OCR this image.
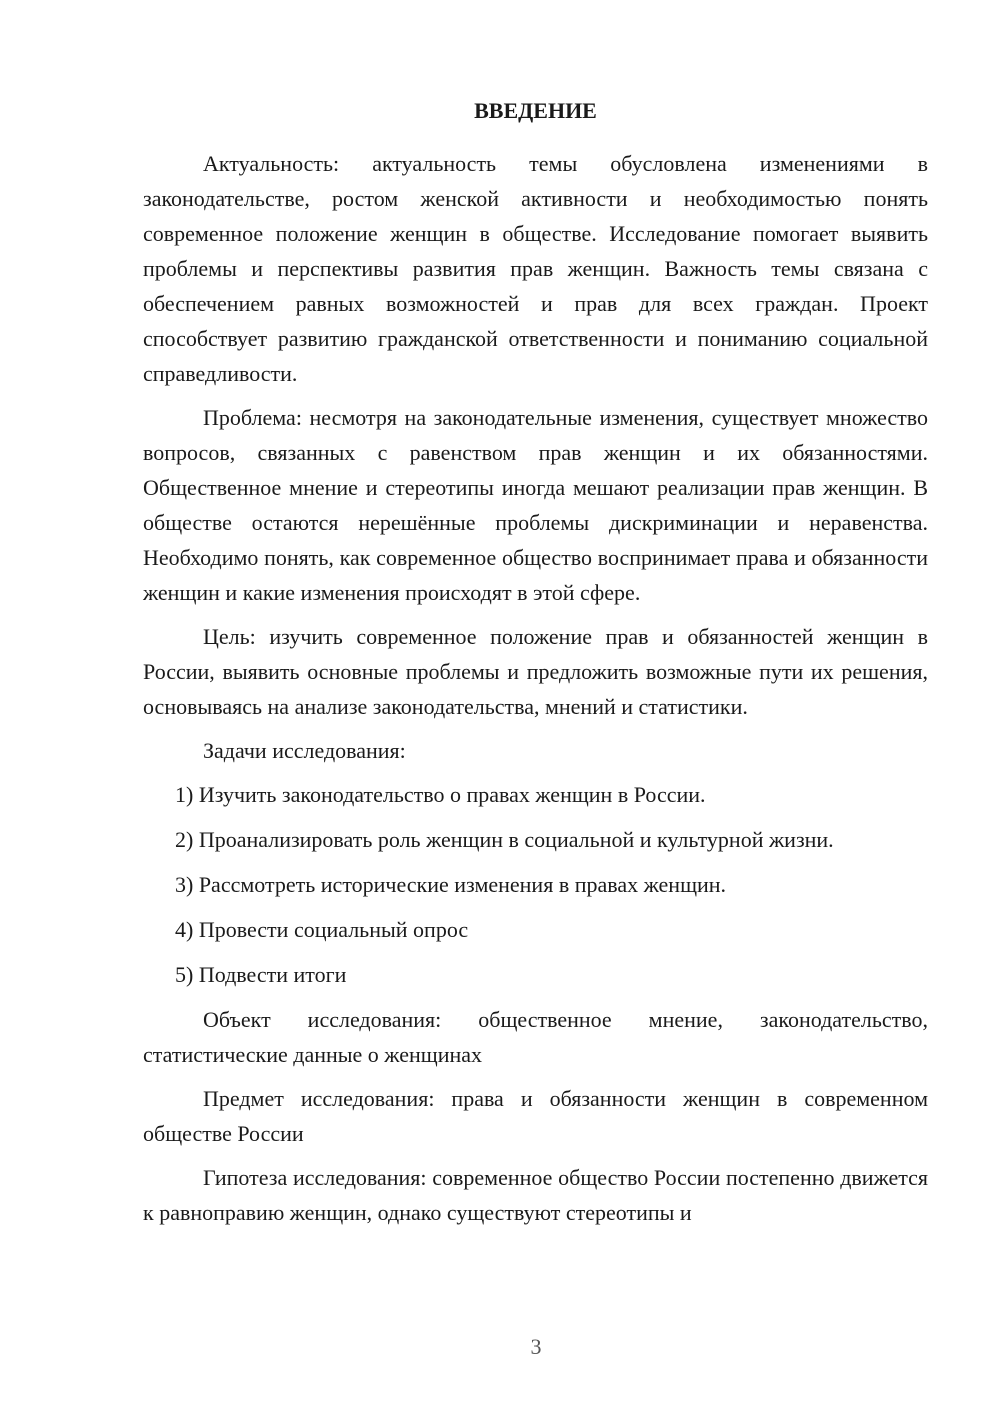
ВВЕДЕНИЕ

Актуальность: актуальность темы обусловлена изменениями в законодательстве, ростом женской активности и необходимостью понять современное положение женщин в обществе. Исследование помогает выявить проблемы и перспективы развития прав женщин. Важность темы связана с обеспечением равных возможностей и прав для всех граждан. Проект способствует развитию гражданской ответственности и пониманию социальной справедливости.

Проблема: несмотря на законодательные изменения, существует множество вопросов, связанных с равенством прав женщин и их обязанностями. Общественное мнение и стереотипы иногда мешают реализации прав женщин. В обществе остаются нерешённые проблемы дискриминации и неравенства. Необходимо понять, как современное общество воспринимает права и обязанности женщин и какие изменения происходят в этой сфере.

Цель: изучить современное положение прав и обязанностей женщин в России, выявить основные проблемы и предложить возможные пути их решения, основываясь на анализе законодательства, мнений и статистики.

Задачи исследования:

1) Изучить законодательство о правах женщин в России.
2) Проанализировать роль женщин в социальной и культурной жизни.
3) Рассмотреть исторические изменения в правах женщин.
4) Провести социальный опрос
5) Подвести итоги

Объект исследования: общественное мнение, законодательство, статистические данные о женщинах

Предмет исследования: права и обязанности женщин в современном обществе России

Гипотеза исследования: современное общество России постепенно движется к равноправию женщин, однако существуют стереотипы и

3
